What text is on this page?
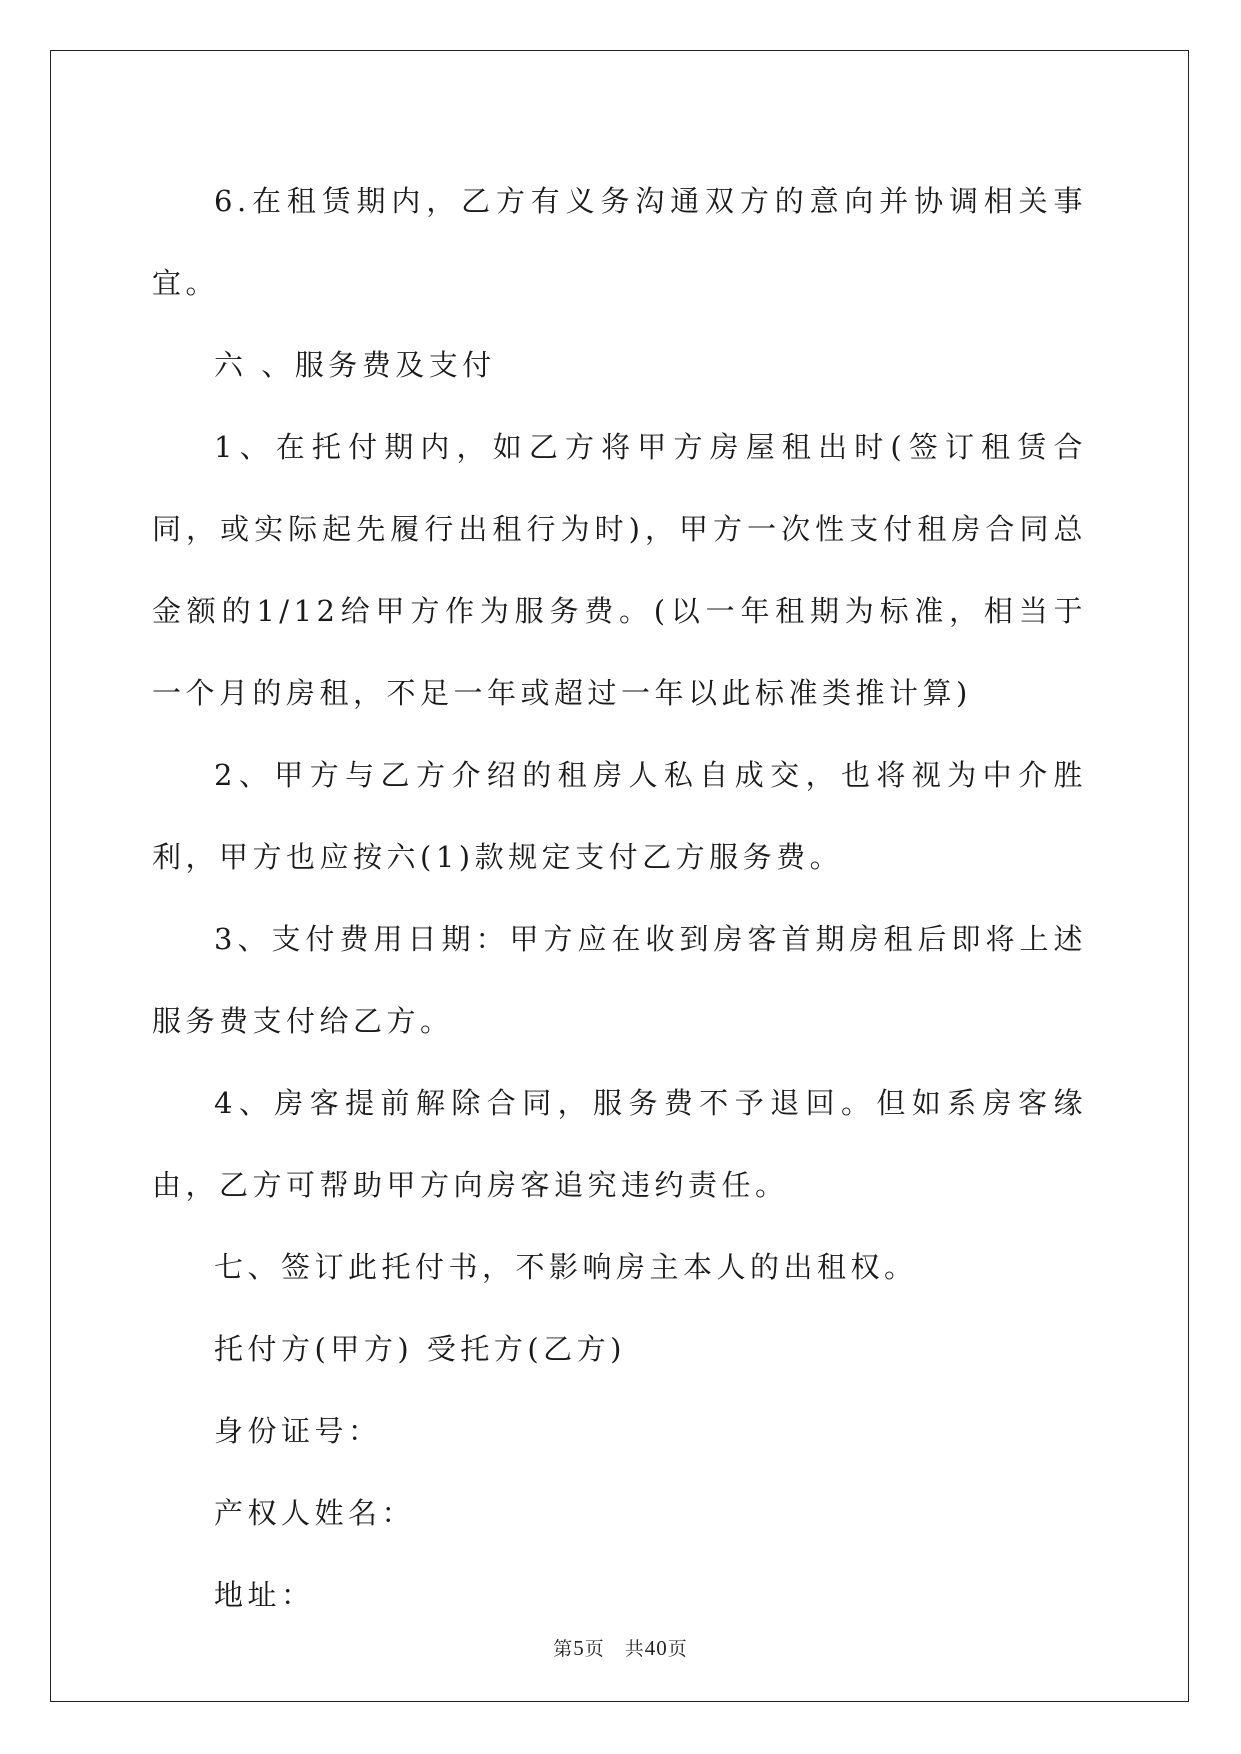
6.在租赁期内，乙方有义务沟通双方的意向并协调相关事宜。

六 、服务费及支付

1、在托付期内，如乙方将甲方房屋租出时(签订租赁合同，或实际起先履行出租行为时)，甲方一次性支付租房合同总金额的1/12给甲方作为服务费。(以一年租期为标准，相当于一个月的房租，不足一年或超过一年以此标准类推计算)

2、甲方与乙方介绍的租房人私自成交，也将视为中介胜利，甲方也应按六(1)款规定支付乙方服务费。

3、支付费用日期：甲方应在收到房客首期房租后即将上述服务费支付给乙方。

4、房客提前解除合同，服务费不予退回。但如系房客缘由，乙方可帮助甲方向房客追究违约责任。

七、签订此托付书，不影响房主本人的出租权。

托付方(甲方) 受托方(乙方)

身份证号：

产权人姓名：

地址：

第5页　共40页
